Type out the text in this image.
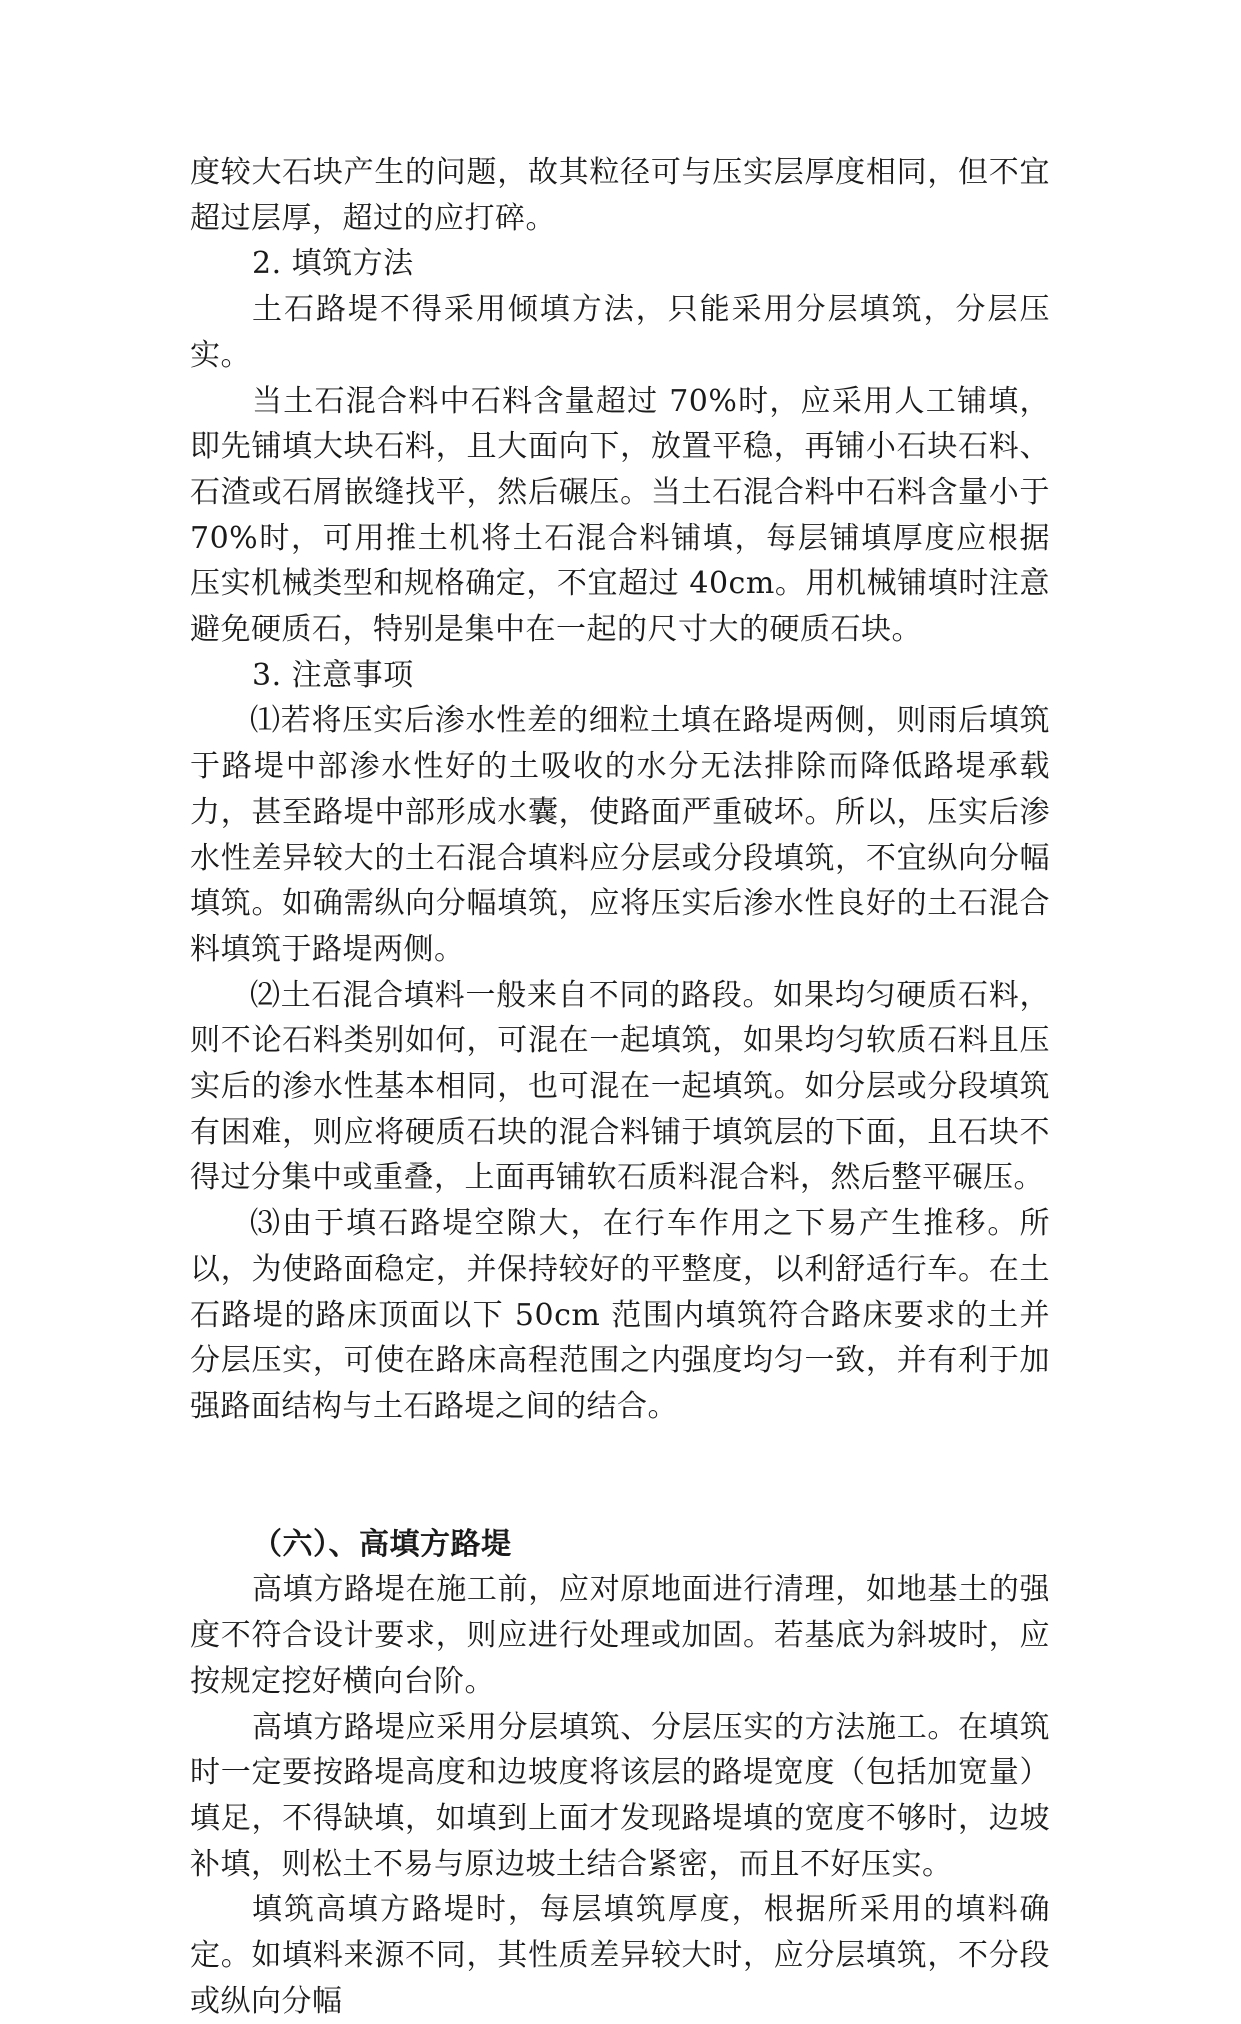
度较大石块产生的问题，故其粒径可与压实层厚度相同，但不宜超过层厚，超过的应打碎。

2. 填筑方法

土石路堤不得采用倾填方法，只能采用分层填筑，分层压实。

当土石混合料中石料含量超过 70%时，应采用人工铺填，即先铺填大块石料，且大面向下，放置平稳，再铺小石块石料、石渣或石屑嵌缝找平，然后碾压。当土石混合料中石料含量小于 70%时，可用推土机将土石混合料铺填，每层铺填厚度应根据压实机械类型和规格确定，不宜超过 40cm。用机械铺填时注意避免硬质石，特别是集中在一起的尺寸大的硬质石块。

3. 注意事项

⑴若将压实后渗水性差的细粒土填在路堤两侧，则雨后填筑于路堤中部渗水性好的土吸收的水分无法排除而降低路堤承载力，甚至路堤中部形成水囊，使路面严重破坏。所以，压实后渗水性差异较大的土石混合填料应分层或分段填筑，不宜纵向分幅填筑。如确需纵向分幅填筑，应将压实后渗水性良好的土石混合料填筑于路堤两侧。

⑵土石混合填料一般来自不同的路段。如果均匀硬质石料，则不论石料类别如何，可混在一起填筑，如果均匀软质石料且压实后的渗水性基本相同，也可混在一起填筑。如分层或分段填筑有困难，则应将硬质石块的混合料铺于填筑层的下面，且石块不得过分集中或重叠，上面再铺软石质料混合料，然后整平碾压。

⑶由于填石路堤空隙大，在行车作用之下易产生推移。所以，为使路面稳定，并保持较好的平整度，以利舒适行车。在土石路堤的路床顶面以下 50cm 范围内填筑符合路床要求的土并分层压实，可使在路床高程范围之内强度均匀一致，并有利于加强路面结构与土石路堤之间的结合。

（六）、高填方路堤

高填方路堤在施工前，应对原地面进行清理，如地基土的强度不符合设计要求，则应进行处理或加固。若基底为斜坡时，应按规定挖好横向台阶。

高填方路堤应采用分层填筑、分层压实的方法施工。在填筑时一定要按路堤高度和边坡度将该层的路堤宽度（包括加宽量）填足，不得缺填，如填到上面才发现路堤填的宽度不够时，边坡补填，则松土不易与原边坡土结合紧密，而且不好压实。

填筑高填方路堤时，每层填筑厚度，根据所采用的填料确定。如填料来源不同，其性质差异较大时，应分层填筑，不分段或纵向分幅
